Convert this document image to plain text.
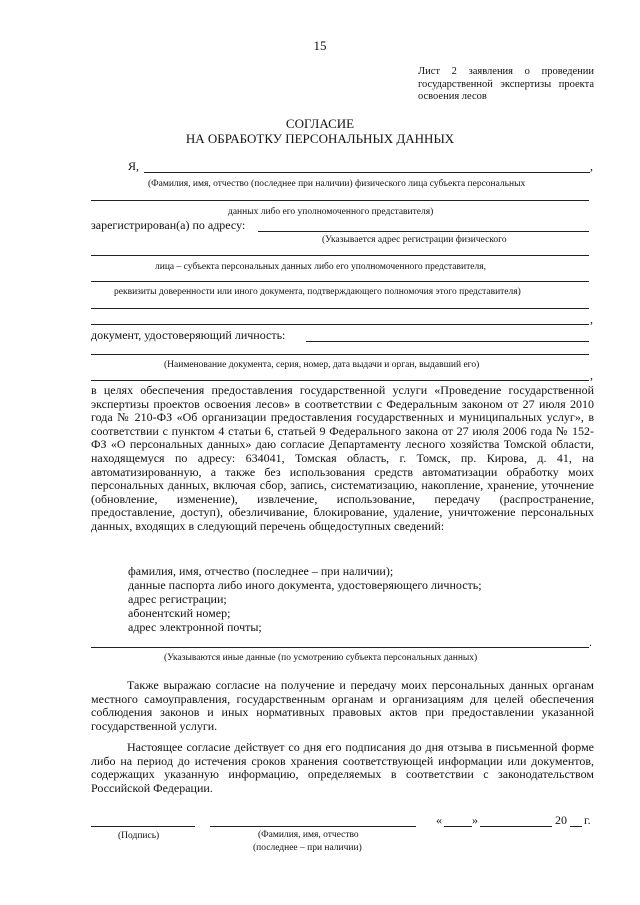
15
Лист 2 заявления о проведении государственной экспертизы проекта освоения лесов
СОГЛАСИЕ
НА ОБРАБОТКУ ПЕРСОНАЛЬНЫХ ДАННЫХ
Я,	,
(Фамилия, имя, отчество (последнее при наличии) физического лица субъекта персональных
данных либо его уполномоченного представителя)
зарегистрирован(а) по адресу:
(Указывается адрес регистрации физического
лица – субъекта персональных данных либо его уполномоченного представителя,
реквизиты доверенности или иного документа, подтверждающего полномочия этого представителя)
,
документ, удостоверяющий личность:
(Наименование документа, серия, номер, дата выдачи и орган, выдавший его)
,

в целях обеспечения предоставления государственной услуги «Проведение государственной экспертизы проектов освоения лесов» в соответствии с Федеральным законом от 27 июля 2010 года № 210-ФЗ «Об организации предоставления государственных и муниципальных услуг», в соответствии с пунктом 4 статьи 6, статьей 9 Федерального закона от 27 июля 2006 года № 152-ФЗ «О персональных данных» даю согласие Департаменту лесного хозяйства Томской области, находящемуся по адресу: 634041, Томская область, г. Томск, пр. Кирова, д. 41, на автоматизированную, а также без использования средств автоматизации обработку моих персональных данных, включая сбор, запись, систематизацию, накопление, хранение, уточнение (обновление, изменение), извлечение, использование, передачу (распространение, предоставление, доступ), обезличивание, блокирование, удаление, уничтожение персональных данных, входящих в следующий перечень общедоступных сведений:

фамилия, имя, отчество (последнее – при наличии);
данные паспорта либо иного документа, удостоверяющего личность;
адрес регистрации;
абонентский номер;
адрес электронной почты;
.
(Указываются иные данные (по усмотрению субъекта персональных данных)

Также выражаю согласие на получение и передачу моих персональных данных органам местного самоуправления, государственным органам и организациям для целей обеспечения соблюдения законов и иных нормативных правовых актов при предоставлении указанной государственной услуги.

Настоящее согласие действует со дня его подписания до дня отзыва в письменной форме либо на период до истечения сроков хранения соответствующей информации или документов, содержащих указанную информацию, определяемых в соответствии с законодательством Российской Федерации.

(Подпись)	(Фамилия, имя, отчество
(последнее – при наличии)
«	»	20 г.
